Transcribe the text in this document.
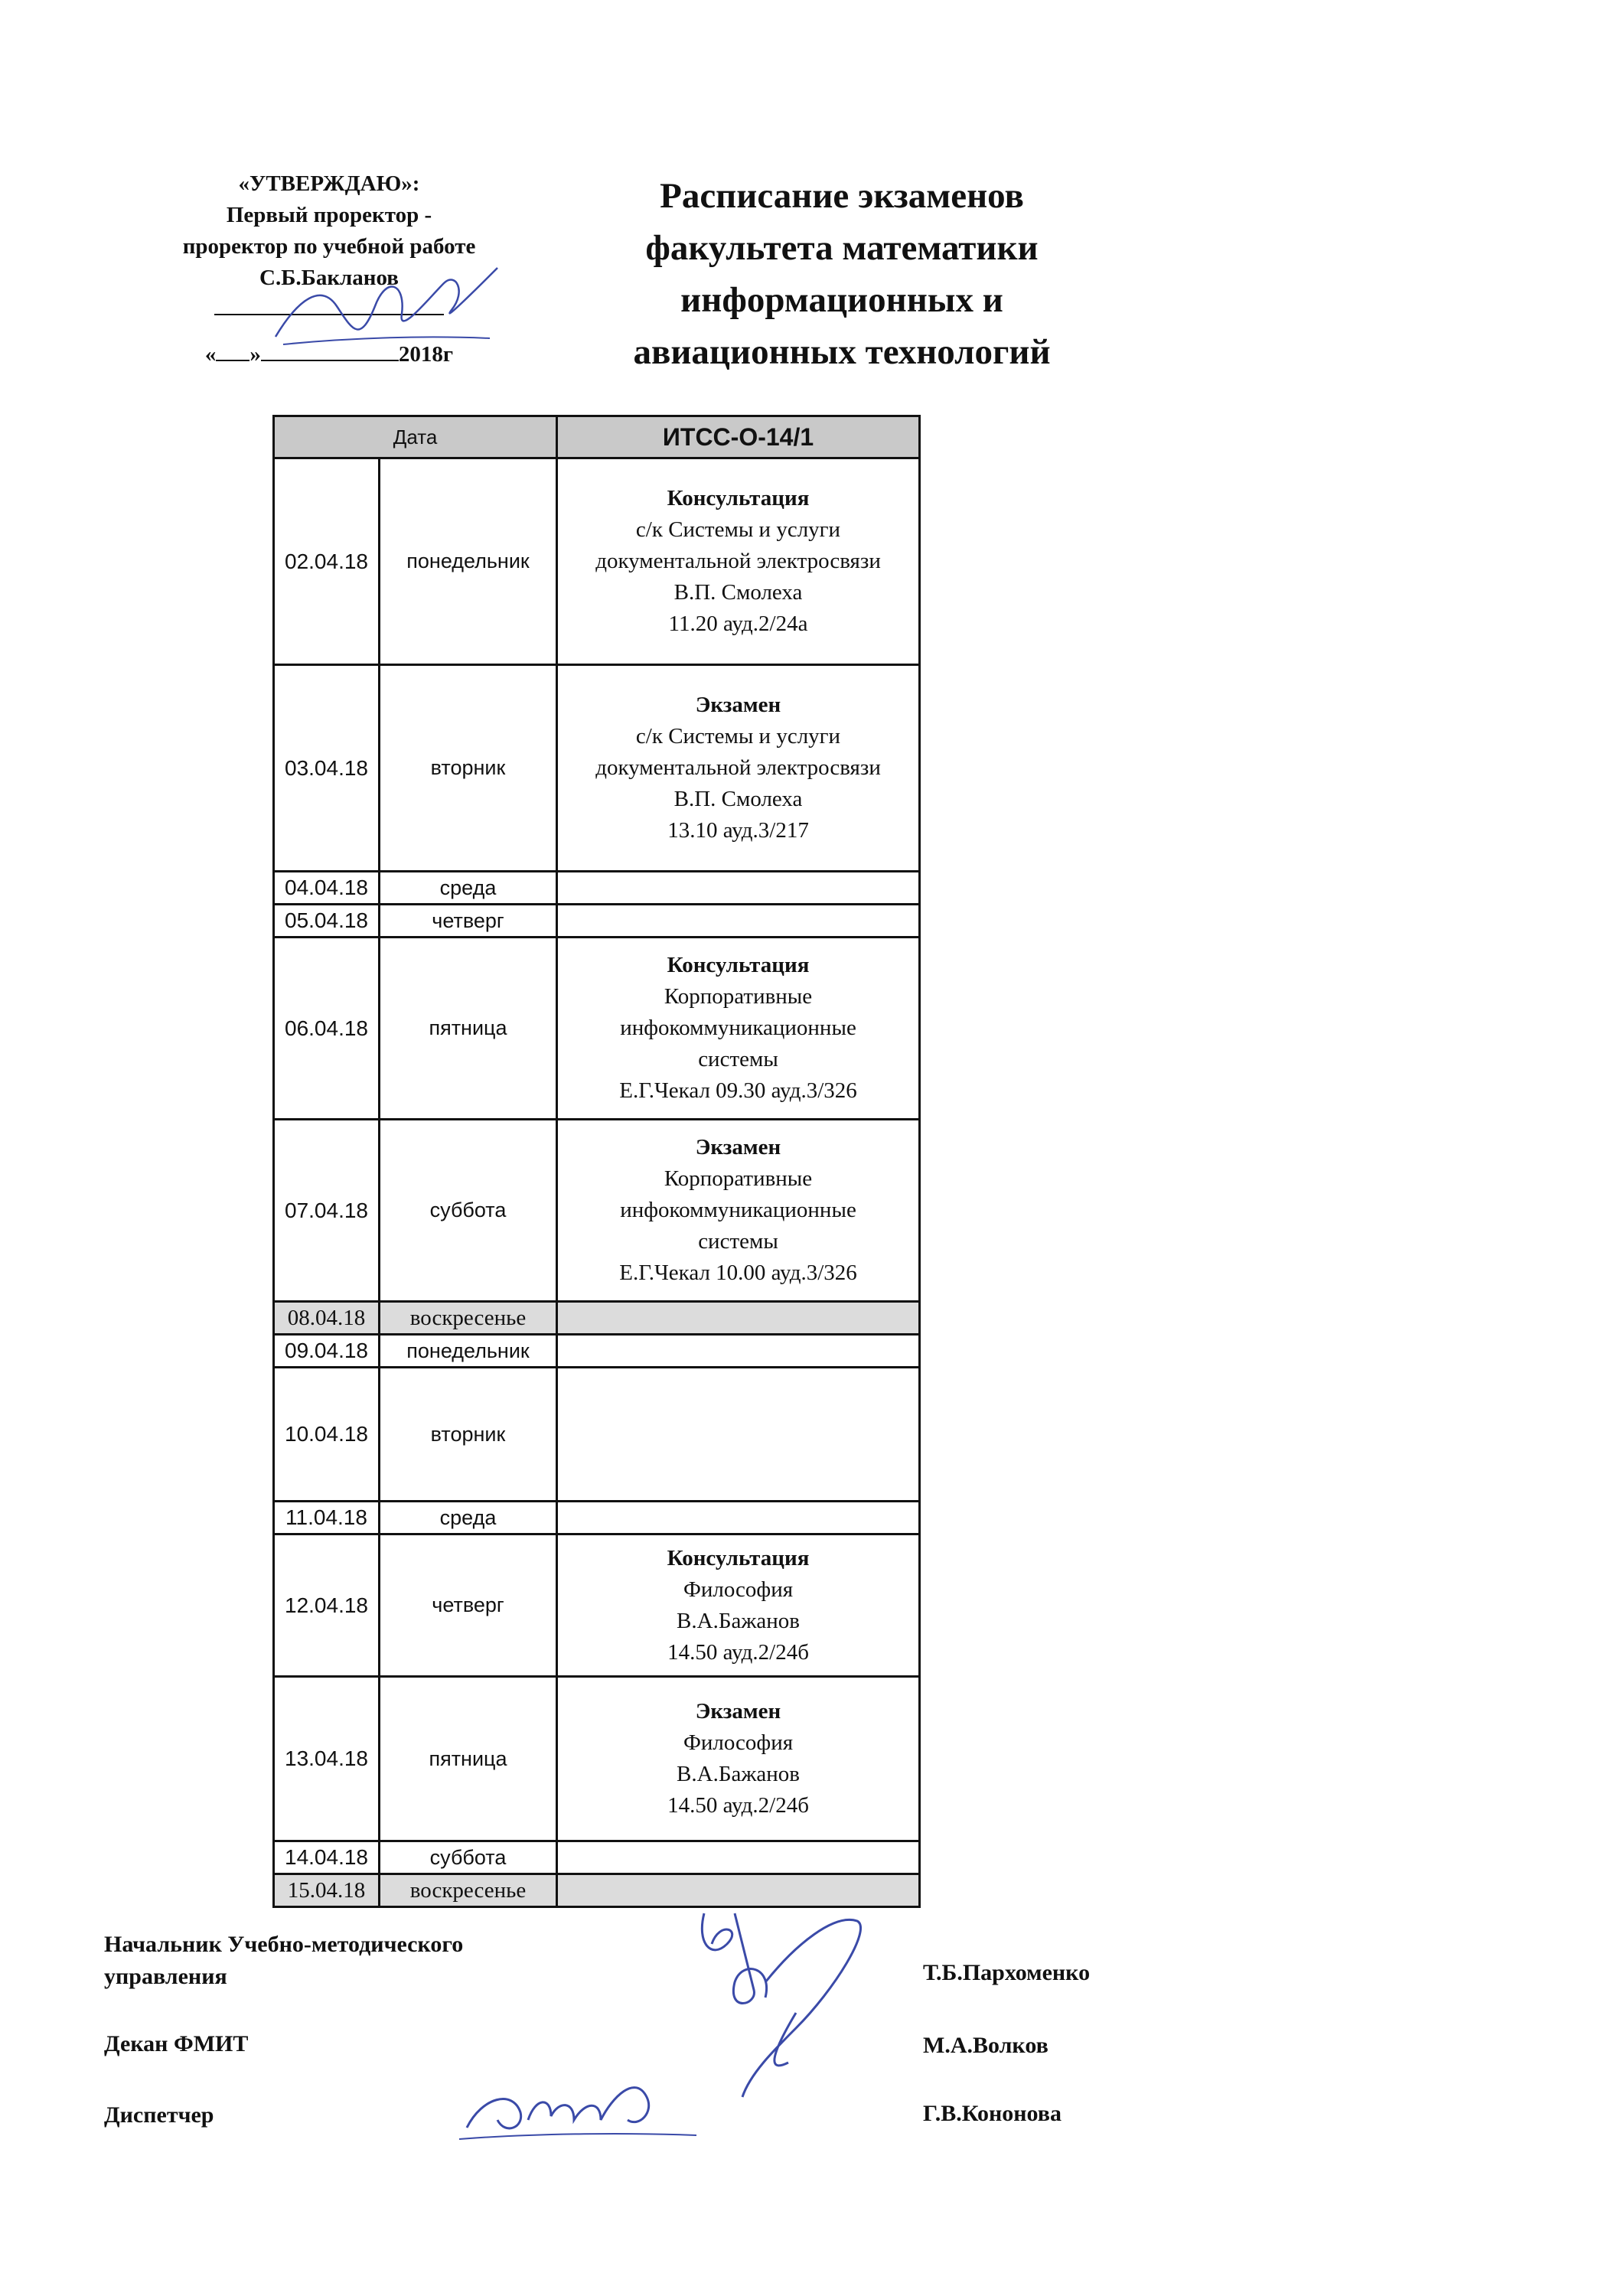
«УТВЕРЖДАЮ»:
Первый проректор -
проректор по учебной работе
С.Б.Бакланов
« »	2018г
Расписание экзаменов
факультета математики
информационных и
авиационных технологий
Дата		ИТСС-О-14/1
02.04.18	понедельник	Консультация
с/к Системы и услуги
документальной электросвязи
В.П. Смолеха
11.20 ауд.2/24а

03.04.18	вторник	Экзамен
с/к Системы и услуги
документальной электросвязи
В.П. Смолеха
13.10 ауд.3/217

04.04.18	среда	
05.04.18	четверг	
06.04.18	пятница	Консультация
Корпоративные
инфокоммуникационные
системы
Е.Г.Чекал 09.30 ауд.3/326

07.04.18	суббота	Экзамен
Корпоративные
инфокоммуникационные
системы
Е.Г.Чекал 10.00 ауд.3/326

08.04.18	воскресенье	
09.04.18	понедельник	
10.04.18	вторник	
11.04.18	среда	
12.04.18	четверг	Консультация
Философия
В.А.Бажанов
14.50 ауд.2/24б

13.04.18	пятница	Экзамен
Философия
В.А.Бажанов
14.50 ауд.2/24б

14.04.18	суббота	
15.04.18	воскресенье	
Начальник Учебно-методического
управления	Т.Б.Пархоменко
Декан ФМИТ	М.А.Волков
Диспетчер	Г.В.Кононова
